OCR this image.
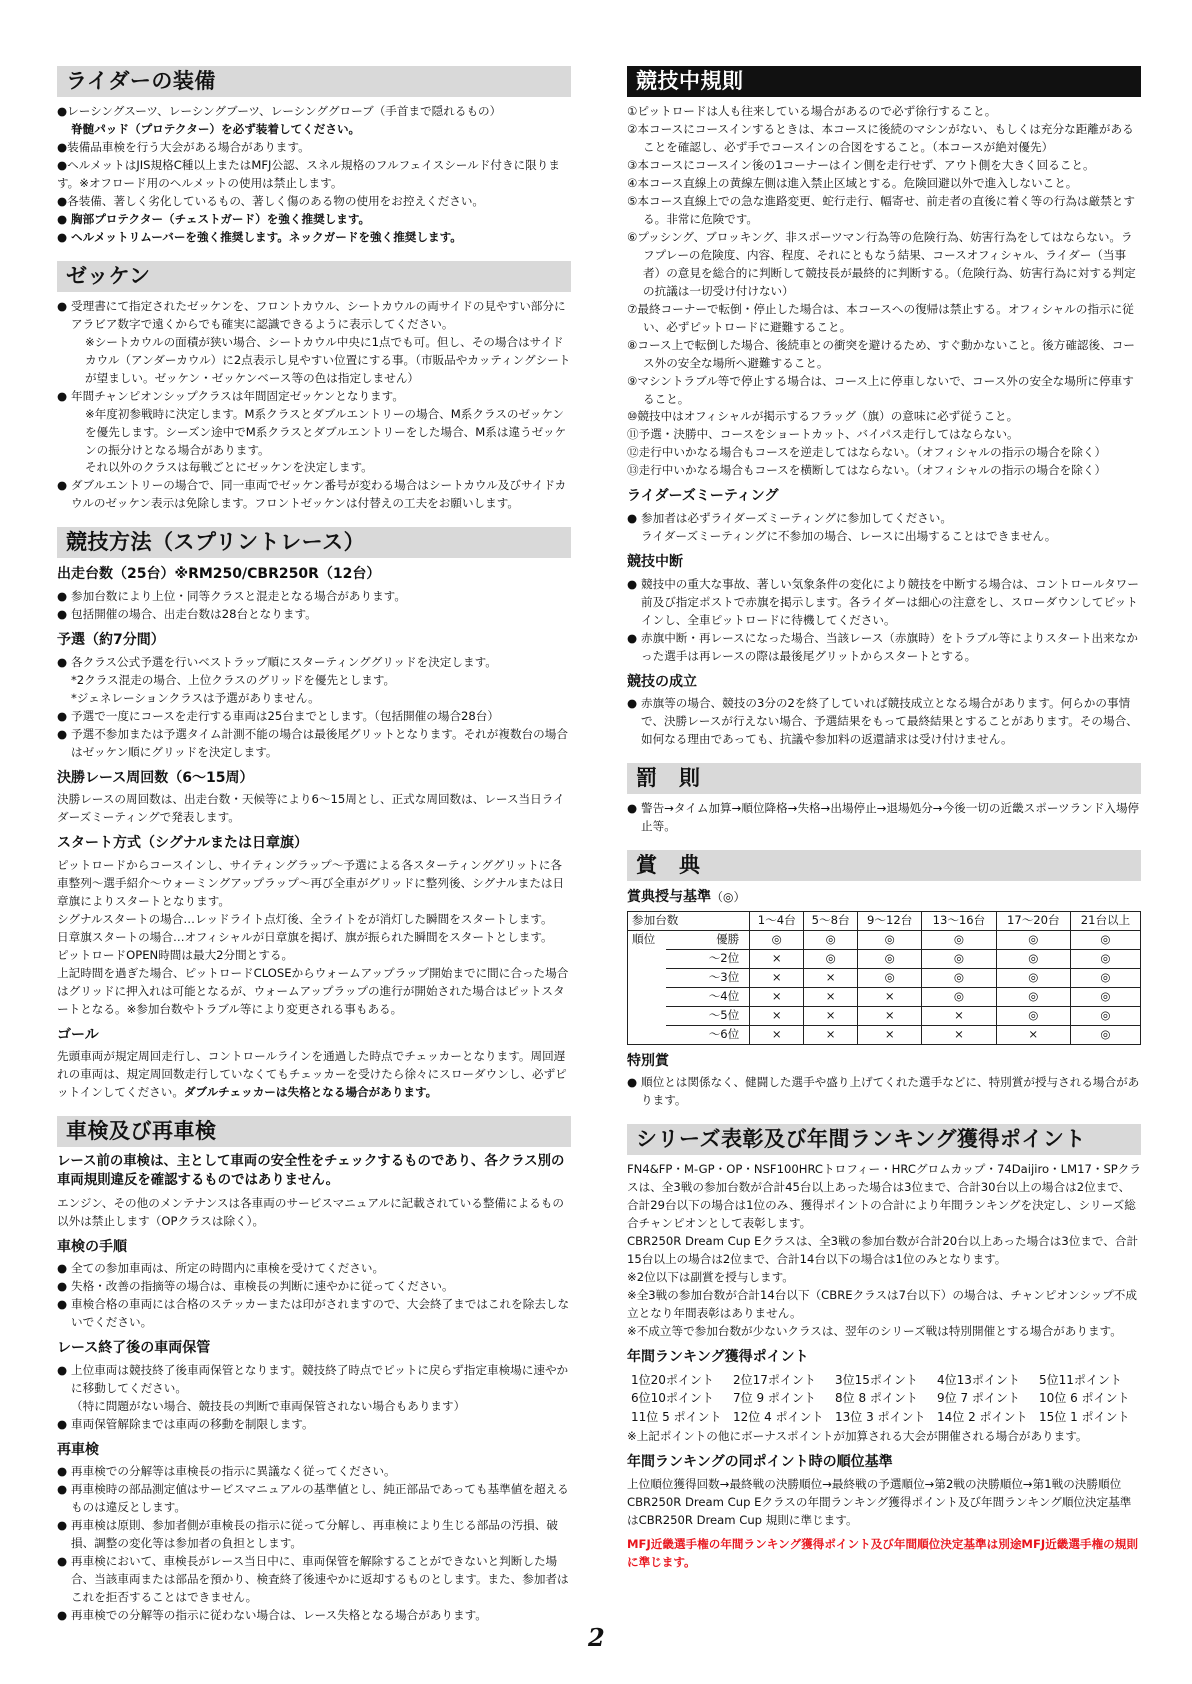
ライダーの装備

●レーシングスーツ、レーシングブーツ、レーシンググローブ（手首まで隠れるもの）

脊髄パッド（プロテクター）を必ず装着してください。

●装備品車検を行う大会がある場合があります。

●ヘルメットはJIS規格C種以上またはMFJ公認、スネル規格のフルフェイスシールド付きに限ります。※オフロード用のヘルメットの使用は禁止します。

●各装備、著しく劣化しているもの、著しく傷のある物の使用をお控えください。

● 胸部プロテクター（チェストガード）を強く推奨します。

● ヘルメットリムーバーを強く推奨します。ネックガードを強く推奨します。

ゼッケン

● 受理書にて指定されたゼッケンを、フロントカウル、シートカウルの両サイドの見やすい部分にアラビア数字で遠くからでも確実に認識できるように表示してください。

※シートカウルの面積が狭い場合、シートカウル中央に1点でも可。但し、その場合はサイドカウル（アンダーカウル）に2点表示し見やすい位置にする事。（市販品やカッティングシートが望ましい。ゼッケン・ゼッケンベース等の色は指定しません）

● 年間チャンピオンシップクラスは年間固定ゼッケンとなります。

※年度初参戦時に決定します。M系クラスとダブルエントリーの場合、M系クラスのゼッケンを優先します。シーズン途中でM系クラスとダブルエントリーをした場合、M系は違うゼッケンの振分けとなる場合があります。

それ以外のクラスは毎戦ごとにゼッケンを決定します。

● ダブルエントリーの場合で、同一車両でゼッケン番号が変わる場合はシートカウル及びサイドカウルのゼッケン表示は免除します。フロントゼッケンは付替えの工夫をお願いします。

競技方法（スプリントレース）
出走台数（25台）※RM250/CBR250R（12台）

● 参加台数により上位・同等クラスと混走となる場合があります。

● 包括開催の場合、出走台数は28台となります。

予選（約7分間）

● 各クラス公式予選を行いベストラップ順にスターティンググリッドを決定します。

*2クラス混走の場合、上位クラスのグリッドを優先とします。

*ジェネレーションクラスは予選がありません。

● 予選で一度にコースを走行する車両は25台までとします。（包括開催の場合28台）

● 予選不参加または予選タイム計測不能の場合は最後尾グリットとなります。それが複数台の場合はゼッケン順にグリッドを決定します。

決勝レース周回数（6〜15周）

決勝レースの周回数は、出走台数・天候等により6〜15周とし、正式な周回数は、レース当日ライダーズミーティングで発表します。

スタート方式（シグナルまたは日章旗）

ピットロードからコースインし、サイティングラップ〜予選による各スターティンググリットに各車整列〜選手紹介〜ウォーミングアップラップ〜再び全車がグリッドに整列後、シグナルまたは日章旗によりスタートとなります。

シグナルスタートの場合…レッドライト点灯後、全ライトをが消灯した瞬間をスタートします。

日章旗スタートの場合…オフィシャルが日章旗を掲げ、旗が振られた瞬間をスタートとします。

ピットロードOPEN時間は最大2分間とする。

上記時間を過ぎた場合、ピットロードCLOSEからウォームアップラップ開始までに間に合った場合はグリッドに押入れは可能となるが、ウォームアップラップの進行が開始された場合はピットスタートとなる。※参加台数やトラブル等により変更される事もある。

ゴール

先頭車両が規定周回走行し、コントロールラインを通過した時点でチェッカーとなります。周回遅れの車両は、規定周回数走行していなくてもチェッカーを受けたら徐々にスローダウンし、必ずピットインしてください。ダブルチェッカーは失格となる場合があります。

車検及び再車検

レース前の車検は、主として車両の安全性をチェックするものであり、各クラス別の車両規則違反を確認するものではありません。

エンジン、その他のメンテナンスは各車両のサービスマニュアルに記載されている整備によるもの以外は禁止します（OPクラスは除く）。

車検の手順

● 全ての参加車両は、所定の時間内に車検を受けてください。

● 失格・改善の指摘等の場合は、車検長の判断に速やかに従ってください。

● 車検合格の車両には合格のステッカーまたは印がされますので、大会終了まではこれを除去しないでください。

レース終了後の車両保管

● 上位車両は競技終了後車両保管となります。競技終了時点でピットに戻らず指定車検場に速やかに移動してください。

（特に問題がない場合、競技長の判断で車両保管されない場合もあります）

● 車両保管解除までは車両の移動を制限します。

再車検

● 再車検での分解等は車検長の指示に異議なく従ってください。

● 再車検時の部品測定値はサービスマニュアルの基準値とし、純正部品であっても基準値を超えるものは違反とします。

● 再車検は原則、参加者側が車検長の指示に従って分解し、再車検により生じる部品の汚損、破損、調整の変化等は参加者の負担とします。

● 再車検において、車検長がレース当日中に、車両保管を解除することができないと判断した場合、当該車両または部品を預かり、検査終了後速やかに返却するものとします。また、参加者はこれを拒否することはできません。

● 再車検での分解等の指示に従わない場合は、レース失格となる場合があります。

競技中規則

①ピットロードは人も往来している場合があるので必ず徐行すること。

②本コースにコースインするときは、本コースに後続のマシンがない、もしくは充分な距離があることを確認し、必ず手でコースインの合図をすること。（本コースが絶対優先）

③本コースにコースイン後の1コーナーはイン側を走行せず、アウト側を大きく回ること。

④本コース直線上の黄線左側は進入禁止区域とする。危険回避以外で進入しないこと。

⑤本コース直線上での急な進路変更、蛇行走行、幅寄せ、前走者の直後に着く等の行為は厳禁とする。非常に危険です。

⑥プッシング、ブロッキング、非スポーツマン行為等の危険行為、妨害行為をしてはならない。ラフプレーの危険度、内容、程度、それにともなう結果、コースオフィシャル、ライダー（当事者）の意見を総合的に判断して競技長が最終的に判断する。（危険行為、妨害行為に対する判定の抗議は一切受け付けない）

⑦最終コーナーで転倒・停止した場合は、本コースへの復帰は禁止する。オフィシャルの指示に従い、必ずピットロードに避難すること。

⑧コース上で転倒した場合、後続車との衝突を避けるため、すぐ動かないこと。後方確認後、コース外の安全な場所へ避難すること。

⑨マシントラブル等で停止する場合は、コース上に停車しないで、コース外の安全な場所に停車すること。

⑩競技中はオフィシャルが掲示するフラッグ（旗）の意味に必ず従うこと。

⑪予選・決勝中、コースをショートカット、バイパス走行してはならない。

⑫走行中いかなる場合もコースを逆走してはならない。（オフィシャルの指示の場合を除く）

⑬走行中いかなる場合もコースを横断してはならない。（オフィシャルの指示の場合を除く）

ライダーズミーティング

● 参加者は必ずライダーズミーティングに参加してください。

ライダーズミーティングに不参加の場合、レースに出場することはできません。

競技中断

● 競技中の重大な事故、著しい気象条件の変化により競技を中断する場合は、コントロールタワー前及び指定ポストで赤旗を掲示します。各ライダーは細心の注意をし、スローダウンしてピットインし、全車ピットロードに待機してください。

● 赤旗中断・再レースになった場合、当該レース（赤旗時）をトラブル等によりスタート出来なかった選手は再レースの際は最後尾グリットからスタートとする。

競技の成立

● 赤旗等の場合、競技の3分の2を終了していれば競技成立となる場合があります。何らかの事情で、決勝レースが行えない場合、予選結果をもって最終結果とすることがあります。その場合、如何なる理由であっても、抗議や参加料の返還請求は受け付けません。

罰　則

● 警告→タイム加算→順位降格→失格→出場停止→退場処分→今後一切の近畿スポーツランド入場停止等。

賞　典
賞典授与基準（◎）
参加台数		1〜4台	5〜8台	9〜12台	13〜16台	17〜20台	21台以上
順位	優勝	◎	◎	◎	◎	◎	◎
	〜2位	×	◎	◎	◎	◎	◎
	〜3位	×	×	◎	◎	◎	◎
	〜4位	×	×	×	◎	◎	◎
	〜5位	×	×	×	×	◎	◎
	〜6位	×	×	×	×	×	◎
特別賞

● 順位とは関係なく、健闘した選手や盛り上げてくれた選手などに、特別賞が授与される場合があります。

シリーズ表彰及び年間ランキング獲得ポイント

FN4&FP・M-GP・OP・NSF100HRCトロフィー・HRCグロムカップ・74Daijiro・LM17・SPクラスは、全3戦の参加台数が合計45台以上あった場合は3位まで、合計30台以上の場合は2位まで、合計29台以下の場合は1位のみ、獲得ポイントの合計により年間ランキングを決定し、シリーズ総合チャンピオンとして表彰します。

CBR250R Dream Cup Eクラスは、全3戦の参加台数が合計20台以上あった場合は3位まで、合計15台以上の場合は2位まで、合計14台以下の場合は1位のみとなります。

※2位以下は副賞を授与します。

※全3戦の参加台数が合計14台以下（CBREクラスは7台以下）の場合は、チャンピオンシップ不成立となり年間表彰はありません。

※不成立等で参加台数が少ないクラスは、翌年のシリーズ戦は特別開催とする場合があります。

年間ランキング獲得ポイント
1位20ポイント	2位17ポイント	3位15ポイント	4位13ポイント	5位11ポイント
6位10ポイント	7位 9 ポイント	8位 8 ポイント	9位 7 ポイント	10位 6 ポイント
11位 5 ポイント 12位 4 ポイント 13位 3 ポイント 14位 2 ポイント 15位 1 ポイント

※上記ポイントの他にボーナスポイントが加算される大会が開催される場合があります。

年間ランキングの同ポイント時の順位基準

上位順位獲得回数→最終戦の決勝順位→最終戦の予選順位→第2戦の決勝順位→第1戦の決勝順位

CBR250R Dream Cup Eクラスの年間ランキング獲得ポイント及び年間ランキング順位決定基準はCBR250R Dream Cup 規則に準じます。

MFJ近畿選手権の年間ランキング獲得ポイント及び年間順位決定基準は別途MFJ近畿選手権の規則に準じます。

2
